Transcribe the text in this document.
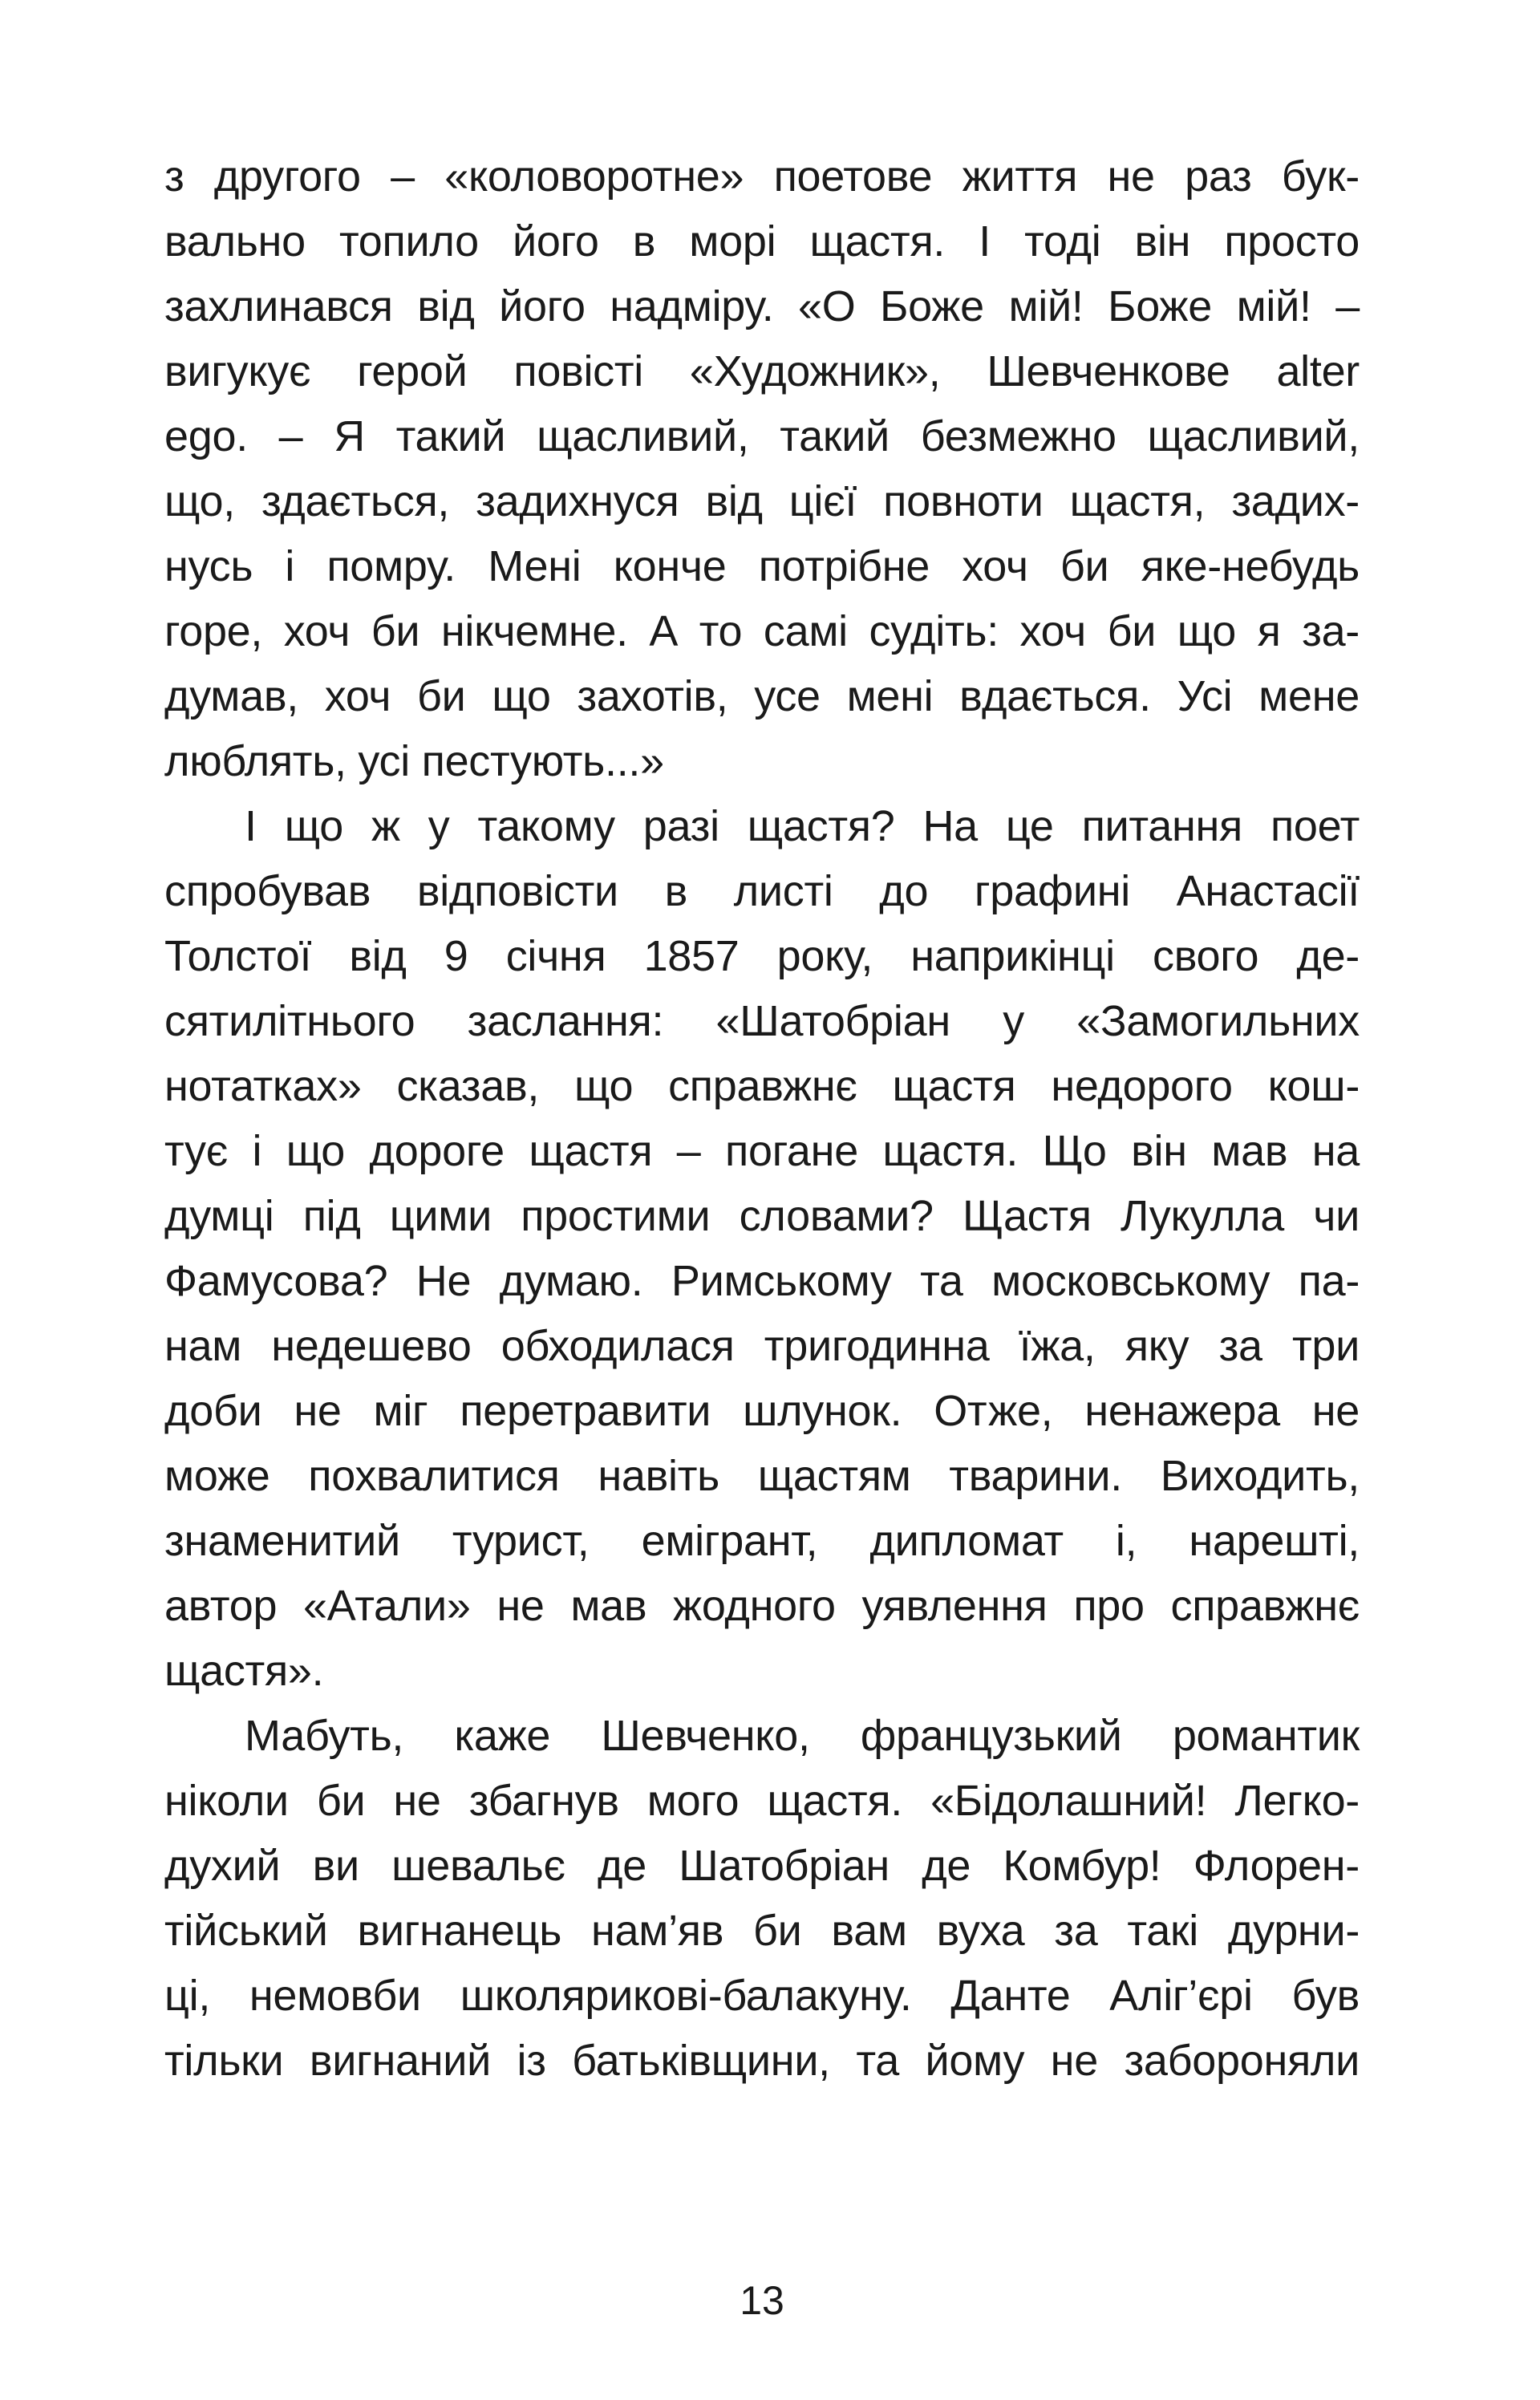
з другого – «коловоротне» поетове життя не раз бук-
вально топило його в морі щастя. І тоді він просто
захлинався від його надміру. «О Боже мій! Боже мій! –
вигукує герой повісті «Художник», Шевченкове alter
ego. – Я такий щасливий, такий безмежно щасливий,
що, здається, задихнуся від цієї повноти щастя, задих-
нусь і помру. Мені конче потрібне хоч би яке-небудь
горе, хоч би нікчемне. А то самі судіть: хоч би що я за-
думав, хоч би що захотів, усе мені вдається. Усі мене
люблять, усі пестують...»
І що ж у такому разі щастя? На це питання поет
спробував відповісти в листі до графині Анастасії
Толстої від 9 січня 1857 року, наприкінці свого де-
сятилітнього заслання: «Шатобріан у «Замогильних
нотатках» сказав, що справжнє щастя недорого кош-
тує і що дороге щастя – погане щастя. Що він мав на
думці під цими простими словами? Щастя Лукулла чи
Фамусова? Не думаю. Римському та московському па-
нам недешево обходилася тригодинна їжа, яку за три
доби не міг перетравити шлунок. Отже, ненажера не
може похвалитися навіть щастям тварини. Виходить,
знаменитий турист, емігрант, дипломат і, нарешті,
автор «Атали» не мав жодного уявлення про справжнє
щастя».
Мабуть, каже Шевченко, французький романтик
ніколи би не збагнув мого щастя. «Бідолашний! Легко-
духий ви шевальє де Шатобріан де Комбур! Флорен-
тійський вигнанець нам’яв би вам вуха за такі дурни-
ці, немовби школярикові-балакуну. Данте Аліг’єрі був
тільки вигнаний із батьківщини, та йому не забороняли
13
